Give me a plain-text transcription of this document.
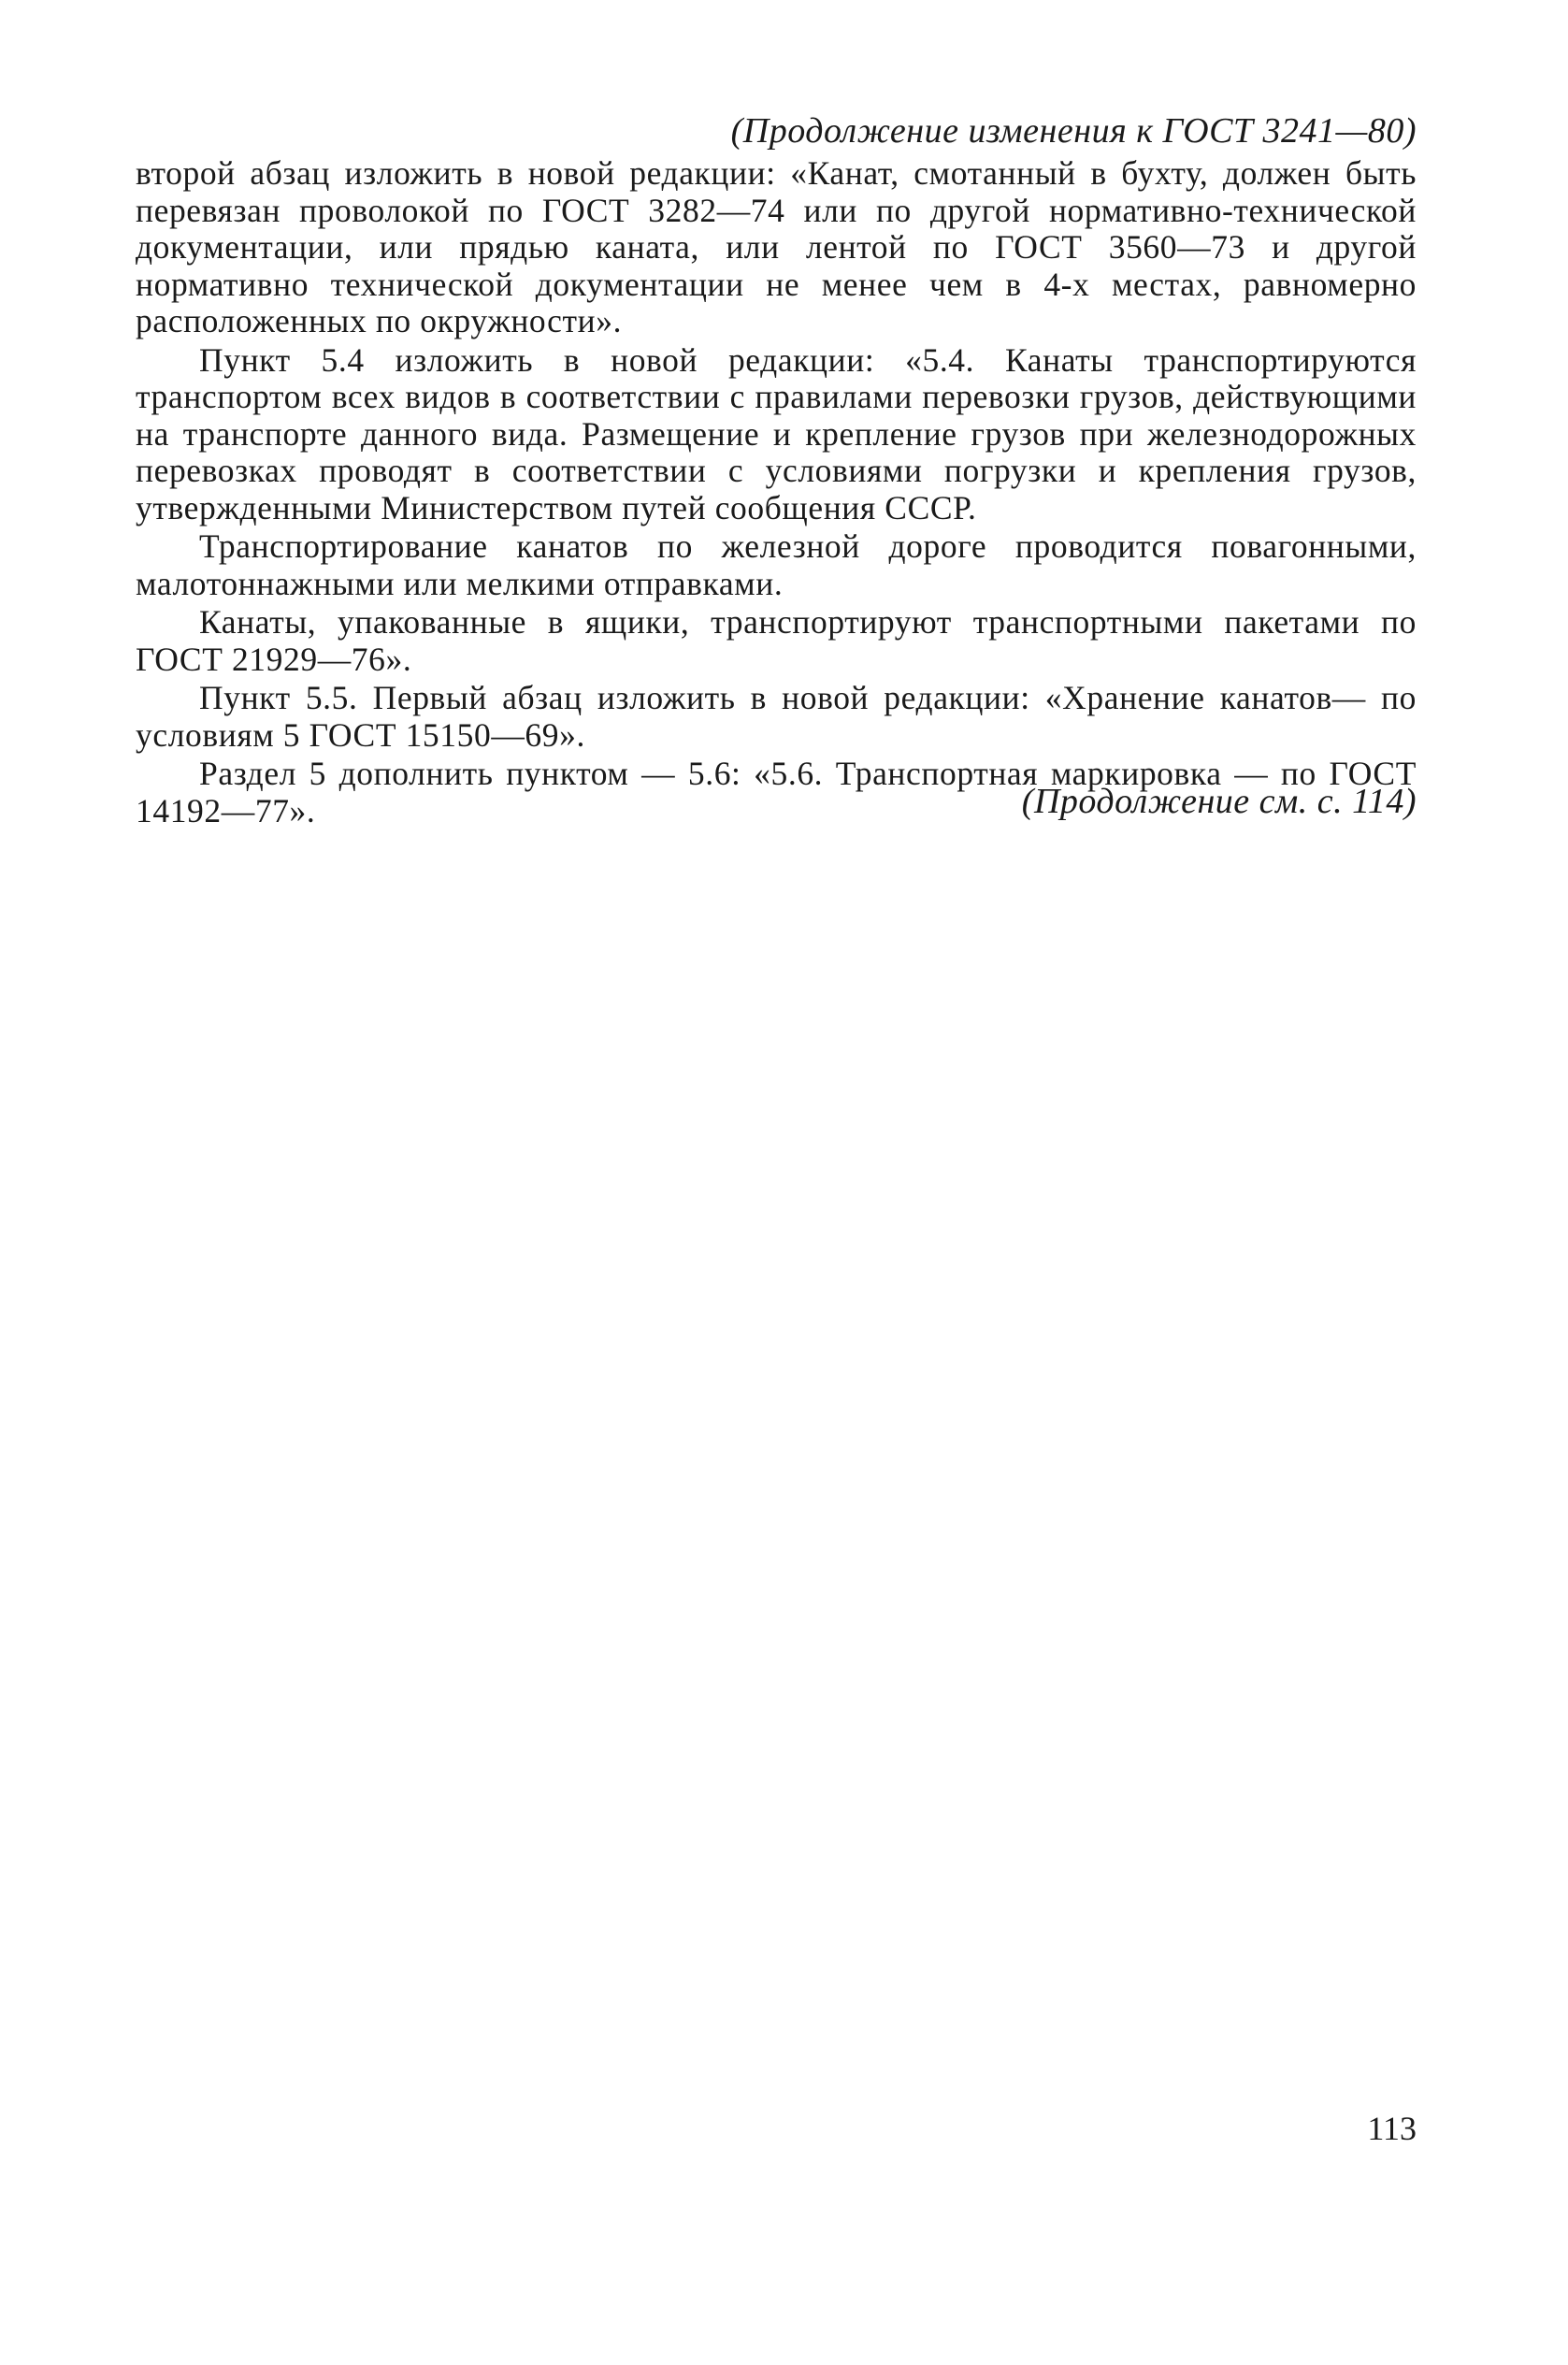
(Продолжение изменения к ГОСТ 3241—80)

второй абзац изложить в новой редакции: «Канат, смотанный в бухту, должен быть перевязан проволокой по ГОСТ 3282—74 или по другой нормативно-технической документации, или прядью каната, или лентой по ГОСТ 3560—73 и другой нормативно технической документации не менее чем в 4-х местах, равномерно расположенных по окружности».

Пункт 5.4 изложить в новой редакции: «5.4. Канаты транспортируются транспортом всех видов в соответствии с правилами перевозки грузов, действующими на транспорте данного вида. Размещение и крепление грузов при железнодорожных перевозках проводят в соответствии с условиями погрузки и крепления грузов, утвержденными Министерством путей сообщения СССР.

Транспортирование канатов по железной дороге проводится повагонными, малотоннажными или мелкими отправками.

Канаты, упакованные в ящики, транспортируют транспортными пакетами по ГОСТ 21929—76».

Пункт 5.5. Первый абзац изложить в новой редакции: «Хранение канатов— по условиям 5 ГОСТ 15150—69».

Раздел 5 дополнить пунктом — 5.6: «5.6. Транспортная маркировка — по ГОСТ 14192—77».	(Продолжение см. с. 114)
113
